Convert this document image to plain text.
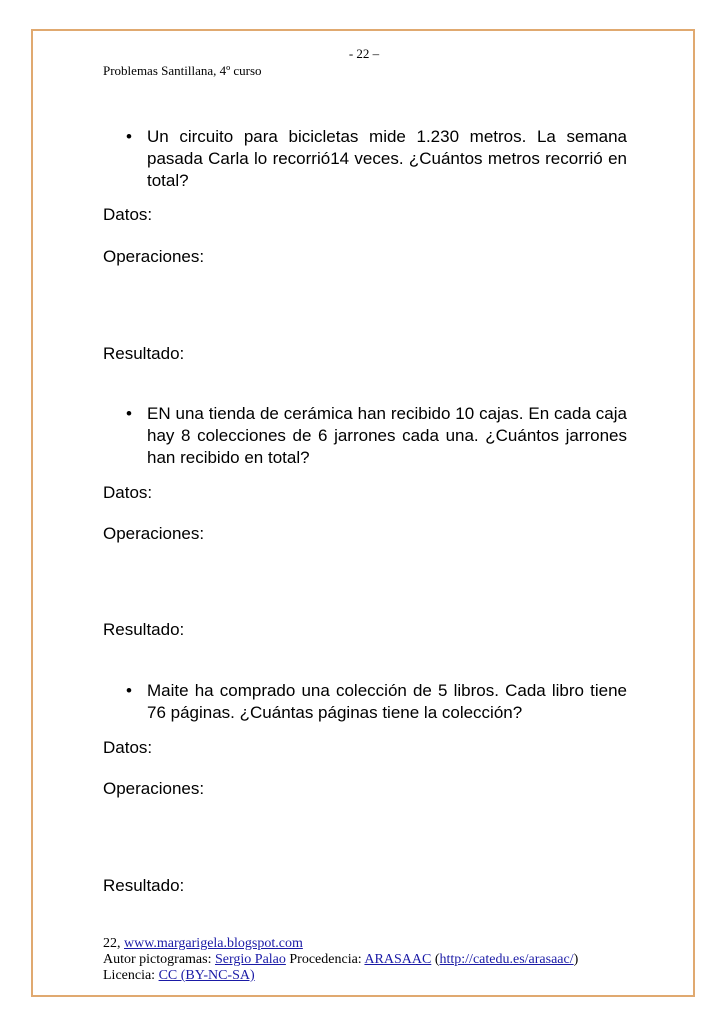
- 22 –
Problemas Santillana, 4º curso
• Un circuito para bicicletas mide 1.230 metros. La semana pasada Carla lo recorrió14 veces. ¿Cuántos metros recorrió en total?
Datos:
Operaciones:
Resultado:
• EN una tienda de cerámica han recibido 10 cajas. En cada caja hay 8 colecciones de 6 jarrones cada una. ¿Cuántos jarrones han recibido en total?
Datos:
Operaciones:
Resultado:
• Maite ha comprado una colección de 5 libros. Cada libro tiene 76 páginas. ¿Cuántas páginas tiene la colección?
Datos:
Operaciones:
Resultado:
22, www.margarigela.blogspot.com
Autor pictogramas: Sergio Palao Procedencia: ARASAAC (http://catedu.es/arasaac/)
Licencia: CC (BY-NC-SA)
